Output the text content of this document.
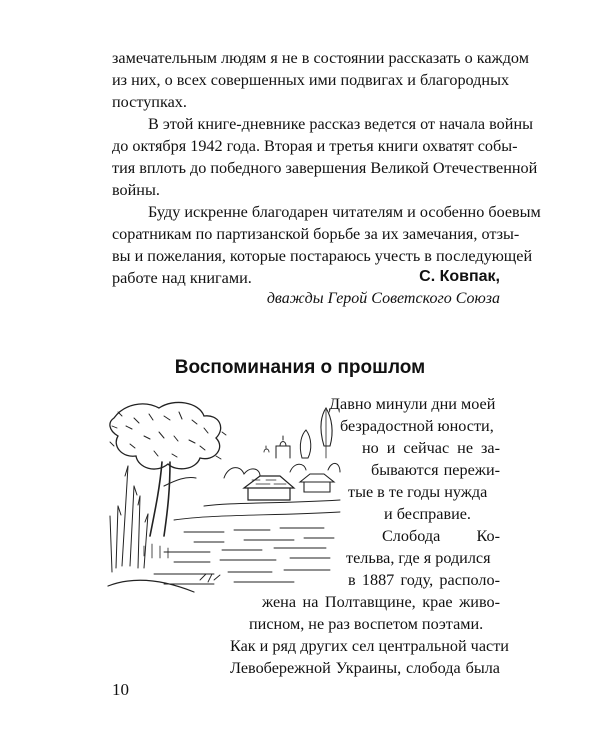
замечательным людям я не в состоянии рассказать о каждом
из них, о всех совершенных ими подвигах и благородных
поступках.
В этой книге-дневнике рассказ ведется от начала войны
до октября 1942 года. Вторая и третья книги охватят собы-
тия вплоть до победного завершения Великой Отечественной
войны.
Буду искренне благодарен читателям и особенно боевым
соратникам по партизанской борьбе за их замечания, отзы-
вы и пожелания, которые постараюсь учесть в последующей
работе над книгами.	С. Ковпак,
дважды Герой Советского Союза
Воспоминания о прошлом
Давно минули дни моей
безрадостной юности,
но и сейчас не за-
бываются пережи-
тые в те годы нужда
и бесправие.
Слобода Ко-
тельва, где я родился
в 1887 году, располо-
жена на Полтавщине, крае живо-
писном, не раз воспетом поэтами.
Как и ряд других сел центральной части
Левобережной Украины, слобода была
10
